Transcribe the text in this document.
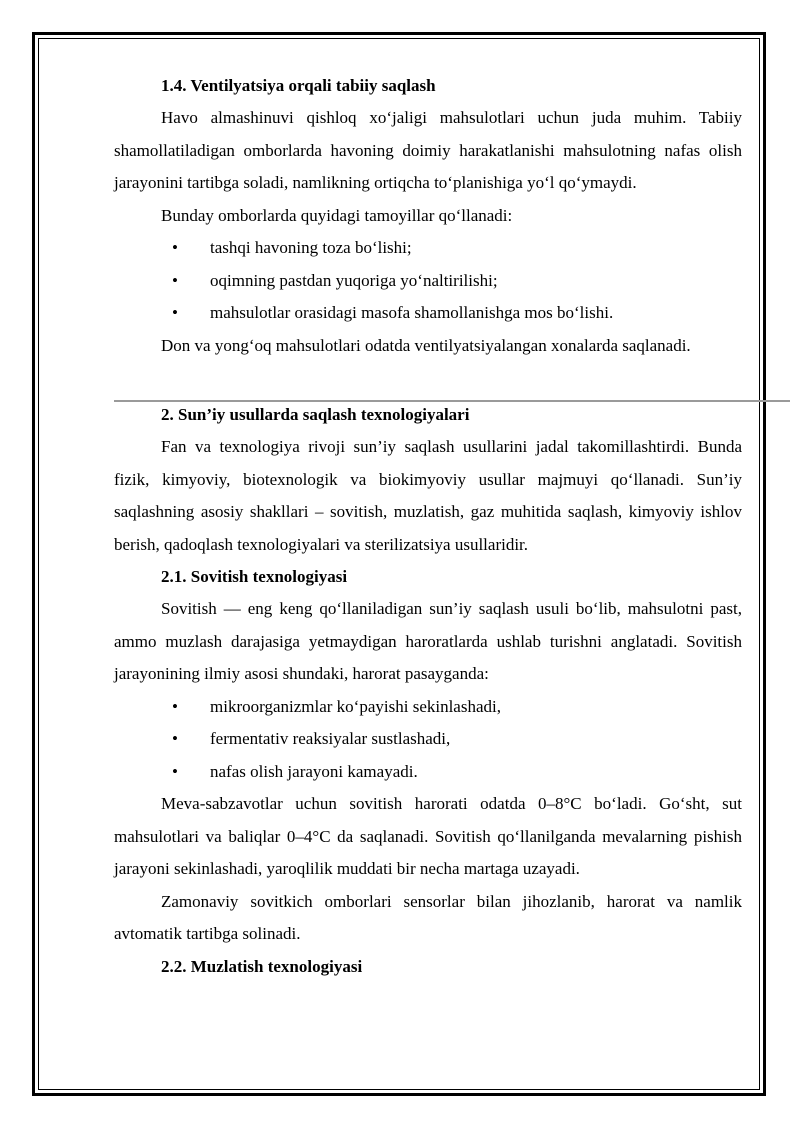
1.4. Ventilyatsiya orqali tabiiy saqlash

Havo almashinuvi qishloq xo‘jaligi mahsulotlari uchun juda muhim. Tabiiy shamollatiladigan omborlarda havoning doimiy harakatlanishi mahsulotning nafas olish jarayonini tartibga soladi, namlikning ortiqcha to‘planishiga yo‘l qo‘ymaydi.

Bunday omborlarda quyidagi tamoyillar qo‘llanadi:

• tashqi havoning toza bo‘lishi;
• oqimning pastdan yuqoriga yo‘naltirilishi;
• mahsulotlar orasidagi masofa shamollanishga mos bo‘lishi.

Don va yong‘oq mahsulotlari odatda ventilyatsiyalangan xonalarda saqlanadi.

2. Sun’iy usullarda saqlash texnologiyalari

Fan va texnologiya rivoji sun’iy saqlash usullarini jadal takomillashtirdi. Bunda fizik, kimyoviy, biotexnologik va biokimyoviy usullar majmuyi qo‘llanadi. Sun’iy saqlashning asosiy shakllari – sovitish, muzlatish, gaz muhitida saqlash, kimyoviy ishlov berish, qadoqlash texnologiyalari va sterilizatsiya usullaridir.

2.1. Sovitish texnologiyasi

Sovitish — eng keng qo‘llaniladigan sun’iy saqlash usuli bo‘lib, mahsulotni past, ammo muzlash darajasiga yetmaydigan haroratlarda ushlab turishni anglatadi. Sovitish jarayonining ilmiy asosi shundaki, harorat pasayganda:

• mikroorganizmlar ko‘payishi sekinlashadi,
• fermentativ reaksiyalar sustlashadi,
• nafas olish jarayoni kamayadi.

Meva-sabzavotlar uchun sovitish harorati odatda 0–8°C bo‘ladi. Go‘sht, sut mahsulotlari va baliqlar 0–4°C da saqlanadi. Sovitish qo‘llanilganda mevalarning pishish jarayoni sekinlashadi, yaroqlilik muddati bir necha martaga uzayadi.

Zamonaviy sovitkich omborlari sensorlar bilan jihozlanib, harorat va namlik avtomatik tartibga solinadi.

2.2. Muzlatish texnologiyasi
